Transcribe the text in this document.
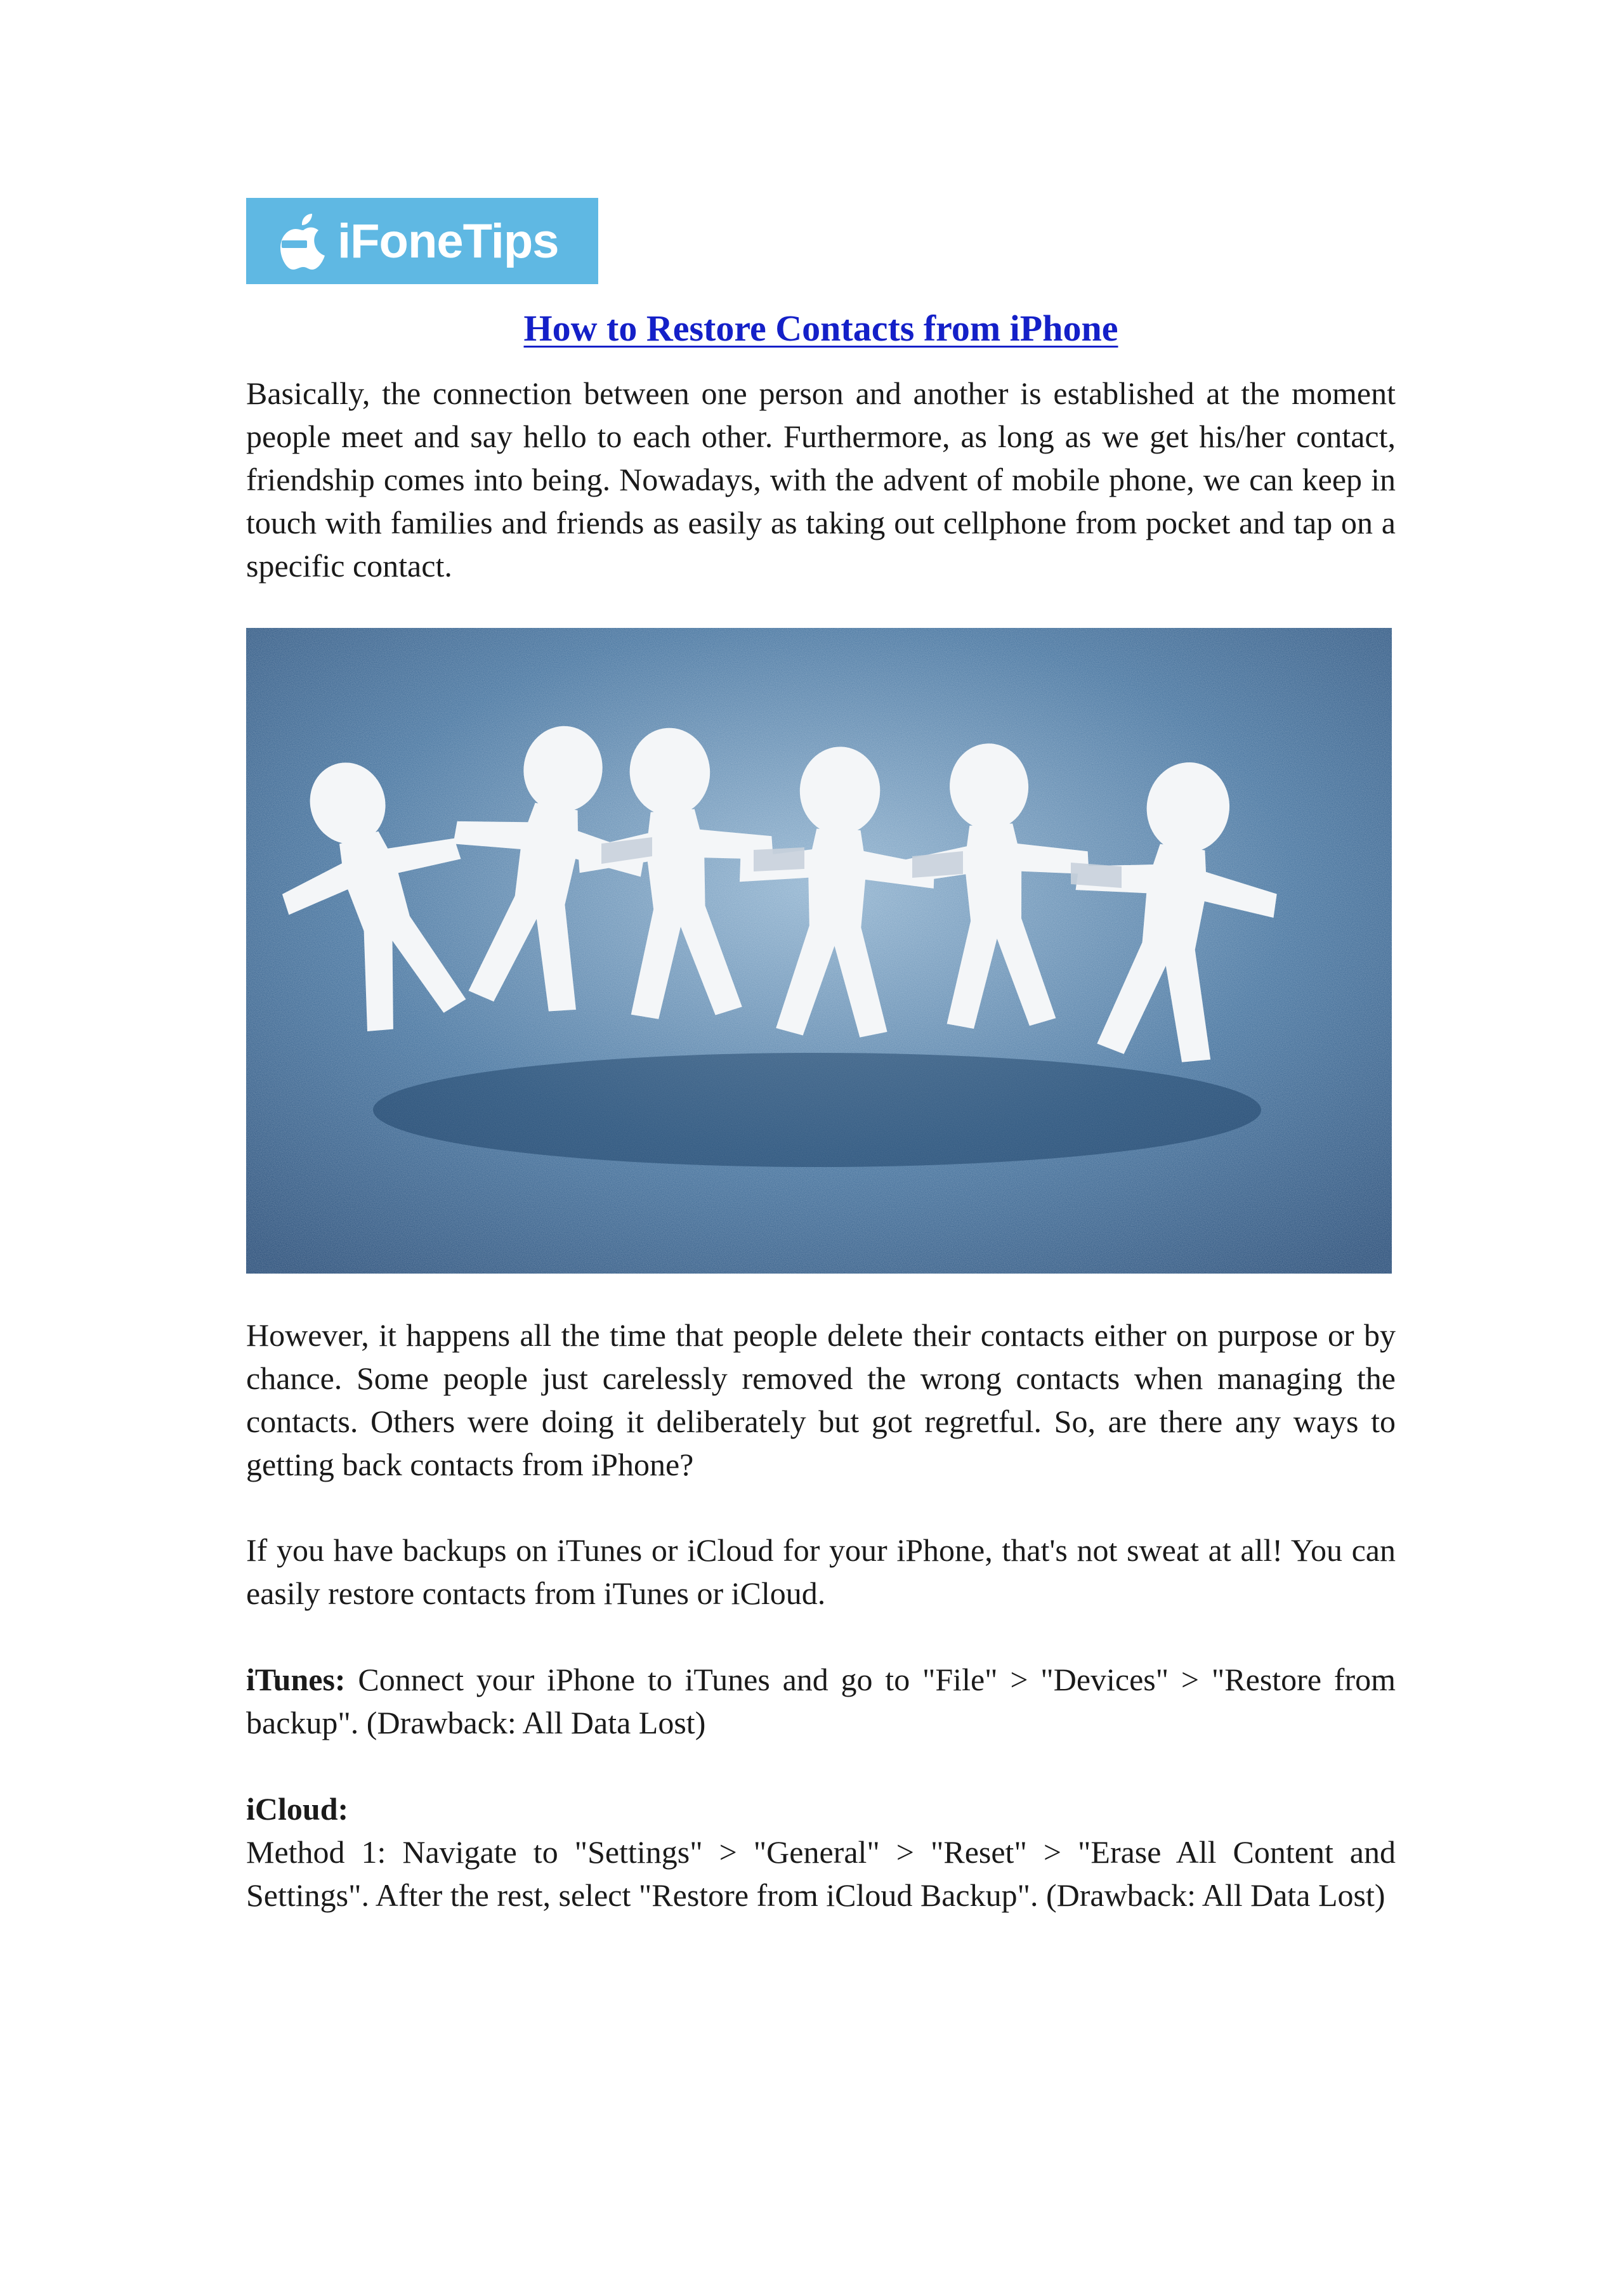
iFoneTips
How to Restore Contacts from iPhone
Basically, the connection between one person and another is established at the moment people meet and say hello to each other. Furthermore, as long as we get his/her contact, friendship comes into being. Nowadays, with the advent of mobile phone, we can keep in touch with families and friends as easily as taking out cellphone from pocket and tap on a specific contact.
However, it happens all the time that people delete their contacts either on purpose or by chance. Some people just carelessly removed the wrong contacts when managing the contacts. Others were doing it deliberately but got regretful. So, are there any ways to getting back contacts from iPhone?
If you have backups on iTunes or iCloud for your iPhone, that's not sweat at all! You can easily restore contacts from iTunes or iCloud.
iTunes: Connect your iPhone to iTunes and go to "File" > "Devices" > "Restore from backup". (Drawback: All Data Lost)
iCloud:
Method 1: Navigate to "Settings" > "General" > "Reset" > "Erase All Content and Settings". After the rest, select "Restore from iCloud Backup". (Drawback: All Data Lost)
